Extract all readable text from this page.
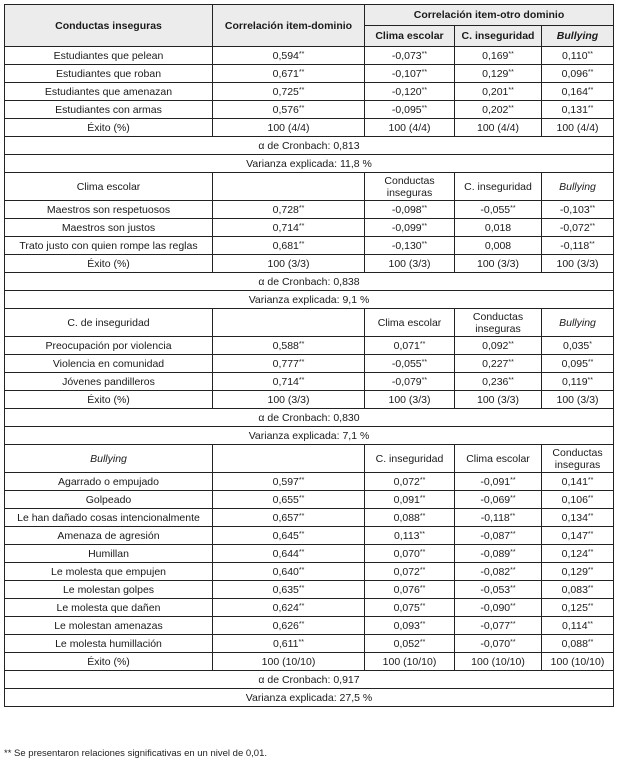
Conductas inseguras	Correlación item-dominio	Correlación item-otro dominio		
		Clima escolar	C. inseguridad	Bullying
Estudiantes que pelean	0,594**	-0,073**	0,169**	0,110**
Estudiantes que roban	0,671**	-0,107**	0,129**	0,096**
Estudiantes que amenazan	0,725**	-0,120**	0,201**	0,164**
Estudiantes con armas	0,576**	-0,095**	0,202**	0,131**
Éxito (%)	100 (4/4)	100 (4/4)	100 (4/4)	100 (4/4)
α de Cronbach: 0,813				
Varianza explicada: 11,8 %				
Clima escolar		Conductas inseguras	C. inseguridad	Bullying
Maestros son respetuosos	0,728**	-0,098**	-0,055**	-0,103**
Maestros son justos	0,714**	-0,099**	0,018	-0,072**
Trato justo con quien rompe las reglas	0,681**	-0,130**	0,008	-0,118**
Éxito (%)	100 (3/3)	100 (3/3)	100 (3/3)	100 (3/3)
α de Cronbach: 0,838				
Varianza explicada: 9,1 %				
C. de inseguridad		Clima escolar	Conductas inseguras	Bullying
Preocupación por violencia	0,588**	0,071**	0,092**	0,035*
Violencia en comunidad	0,777**	-0,055**	0,227**	0,095**
Jóvenes pandilleros	0,714**	-0,079**	0,236**	0,119**
Éxito (%)	100 (3/3)	100 (3/3)	100 (3/3)	100 (3/3)
α de Cronbach: 0,830				
Varianza explicada: 7,1 %				
Bullying		C. inseguridad	Clima escolar	Conductas inseguras
Agarrado o empujado	0,597**	0,072**	-0,091**	0,141**
Golpeado	0,655**	0,091**	-0,069**	0,106**
Le han dañado cosas intencionalmente	0,657**	0,088**	-0,118**	0,134**
Amenaza de agresión	0,645**	0,113**	-0,087**	0,147**
Humillan	0,644**	0,070**	-0,089**	0,124**
Le molesta que empujen	0,640**	0,072**	-0,082**	0,129**
Le molestan golpes	0,635**	0,076**	-0,053**	0,083**
Le molesta que dañen	0,624**	0,075**	-0,090**	0,125**
Le molestan amenazas	0,626**	0,093**	-0,077**	0,114**
Le molesta humillación	0,611**	0,052**	-0,070**	0,088**
Éxito (%)	100 (10/10)	100 (10/10)	100 (10/10)	100 (10/10)
α de Cronbach: 0,917				
Varianza explicada: 27,5 %				
** Se presentaron relaciones significativas en un nivel de 0,01.
